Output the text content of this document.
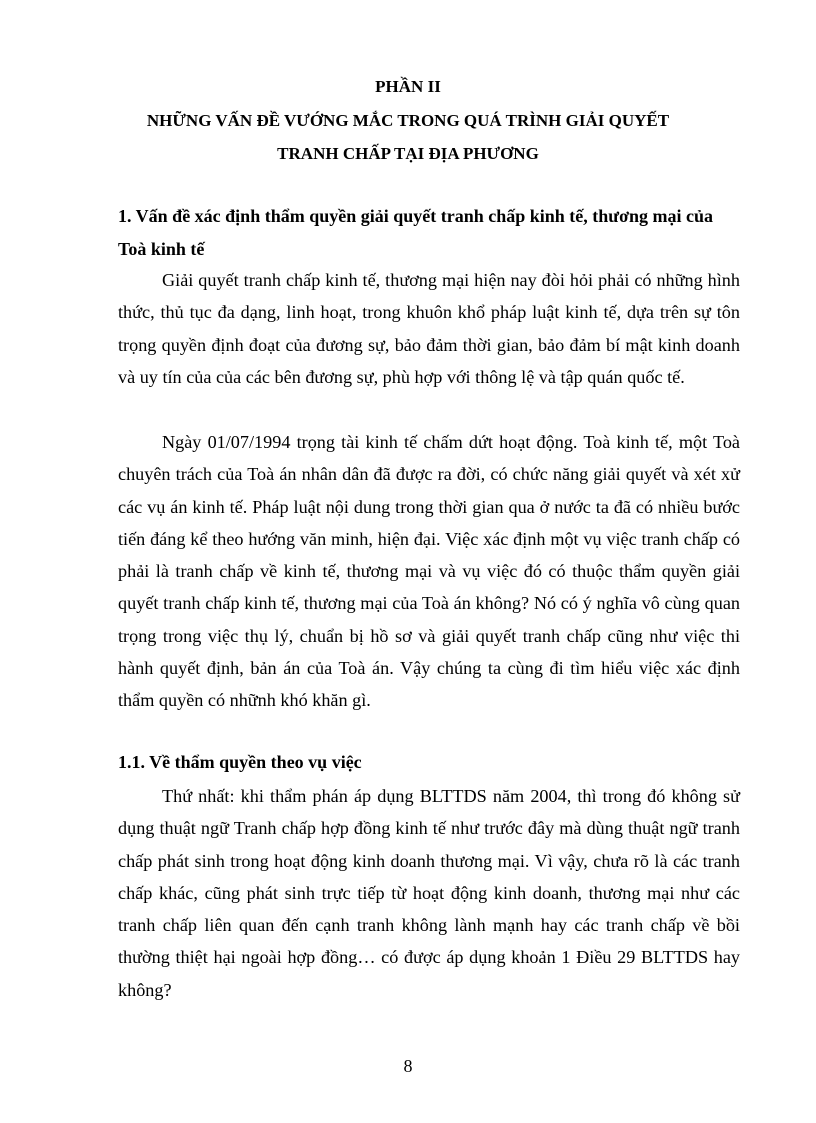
PHẦN II

NHỮNG VẤN ĐỀ VƯỚNG MẮC TRONG QUÁ TRÌNH GIẢI QUYẾT

TRANH CHẤP TẠI ĐỊA PHƯƠNG

1. Vấn đề xác định thẩm quyền giải quyết tranh chấp kinh tế, thương mại của Toà kinh tế

Giải quyết tranh chấp kinh tế, thương mại hiện nay đòi hỏi phải có những hình thức, thủ tục đa dạng, linh hoạt, trong khuôn khổ pháp luật kinh tế, dựa trên sự tôn trọng quyền định đoạt của đương sự, bảo đảm thời gian, bảo đảm bí mật kinh doanh và uy tín của của các bên đương sự, phù hợp với thông lệ và tập quán quốc tế.

Ngày 01/07/1994 trọng tài kinh tế chấm dứt hoạt động. Toà kinh tế, một Toà chuyên trách của Toà án nhân dân đã được ra đời, có chức năng giải quyết và xét xử các vụ án kinh tế. Pháp luật nội dung trong thời gian qua ở nước ta đã có nhiều bước tiến đáng kể theo hướng văn minh, hiện đại. Việc xác định một vụ việc tranh chấp có phải là tranh chấp về kinh tế, thương mại và vụ việc đó có thuộc thẩm quyền giải quyết tranh chấp kinh tế, thương mại của Toà án không? Nó có ý nghĩa vô cùng quan trọng trong việc thụ lý, chuẩn bị hồ sơ và giải quyết tranh chấp cũng như việc thi hành quyết định, bản án của Toà án. Vậy chúng ta cùng đi tìm hiểu việc xác định thẩm quyền có nhữnh khó khăn gì.

1.1. Về thẩm quyền theo vụ việc

Thứ nhất: khi thẩm phán áp dụng BLTTDS năm 2004, thì trong đó không sử dụng thuật ngữ Tranh chấp hợp đồng kinh tế như trước đây mà dùng thuật ngữ tranh chấp phát sinh trong hoạt động kinh doanh thương mại. Vì vậy, chưa rõ là các tranh chấp khác, cũng phát sinh trực tiếp từ hoạt động kinh doanh, thương mại như các tranh chấp liên quan đến cạnh tranh không lành mạnh hay các tranh chấp về bồi thường thiệt hại ngoài hợp đồng… có được áp dụng khoản 1 Điều 29 BLTTDS hay không?

8
